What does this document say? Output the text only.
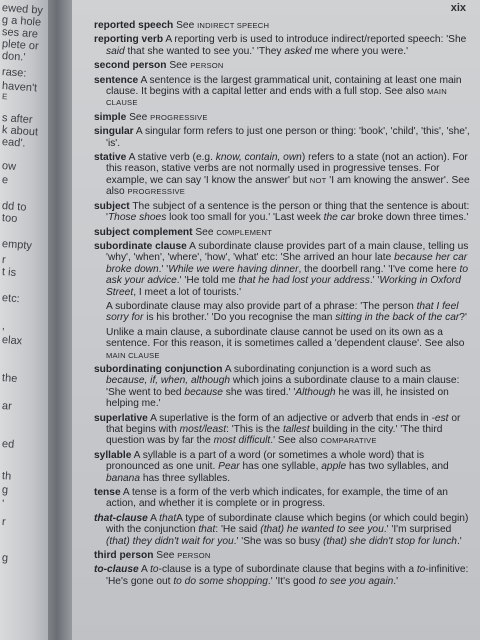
ewed by
g a hole
ses are
plete or
don.'
rase:
haven't
E
s after
k about
ead'.
ow
e
dd to
too
empty
r
t is
etc:
,
elax
the
ar
ed
th
g
'
r
g
xix

reported speech See INDIRECT SPEECH

reporting verb A reporting verb is used to introduce indirect/reported speech: 'She said that she wanted to see you.' 'They asked me where you were.'

second person See PERSON

sentence A sentence is the largest grammatical unit, containing at least one main clause. It begins with a capital letter and ends with a full stop. See also MAIN CLAUSE

simple See PROGRESSIVE

singular A singular form refers to just one person or thing: 'book', 'child', 'this', 'she', 'is'.

stative A stative verb (e.g. know, contain, own) refers to a state (not an action). For this reason, stative verbs are not normally used in progressive tenses. For example, we can say 'I know the answer' but NOT 'I am knowing the answer'. See also PROGRESSIVE

subject The subject of a sentence is the person or thing that the sentence is about: 'Those shoes look too small for you.' 'Last week the car broke down three times.'

subject complement See COMPLEMENT

subordinate clause A subordinate clause provides part of a main clause, telling us 'why', 'when', 'where', 'how', 'what' etc: 'She arrived an hour late because her car broke down.' 'While we were having dinner, the doorbell rang.' 'I've come here to ask your advice.' 'He told me that he had lost your address.' 'Working in Oxford Street, I meet a lot of tourists.'

A subordinate clause may also provide part of a phrase: 'The person that I feel sorry for is his brother.' 'Do you recognise the man sitting in the back of the car?'

Unlike a main clause, a subordinate clause cannot be used on its own as a sentence. For this reason, it is sometimes called a 'dependent clause'. See also MAIN CLAUSE

subordinating conjunction A subordinating conjunction is a word such as because, if, when, although which joins a subordinate clause to a main clause: 'She went to bed because she was tired.' 'Although he was ill, he insisted on helping me.'

superlative A superlative is the form of an adjective or adverb that ends in -est or that begins with most/least: 'This is the tallest building in the city.' 'The third question was by far the most difficult.' See also COMPARATIVE

syllable A syllable is a part of a word (or sometimes a whole word) that is pronounced as one unit. Pear has one syllable, apple has two syllables, and banana has three syllables.

tense A tense is a form of the verb which indicates, for example, the time of an action, and whether it is complete or in progress.

that-clause A thatA type of subordinate clause which begins (or which could begin) with the conjunction that: 'He said (that) he wanted to see you.' 'I'm surprised (that) they didn't wait for you.' 'She was so busy (that) she didn't stop for lunch.'

third person See PERSON

to-clause A to-clause is a type of subordinate clause that begins with a to-infinitive: 'He's gone out to do some shopping.' 'It's good to see you again.'
